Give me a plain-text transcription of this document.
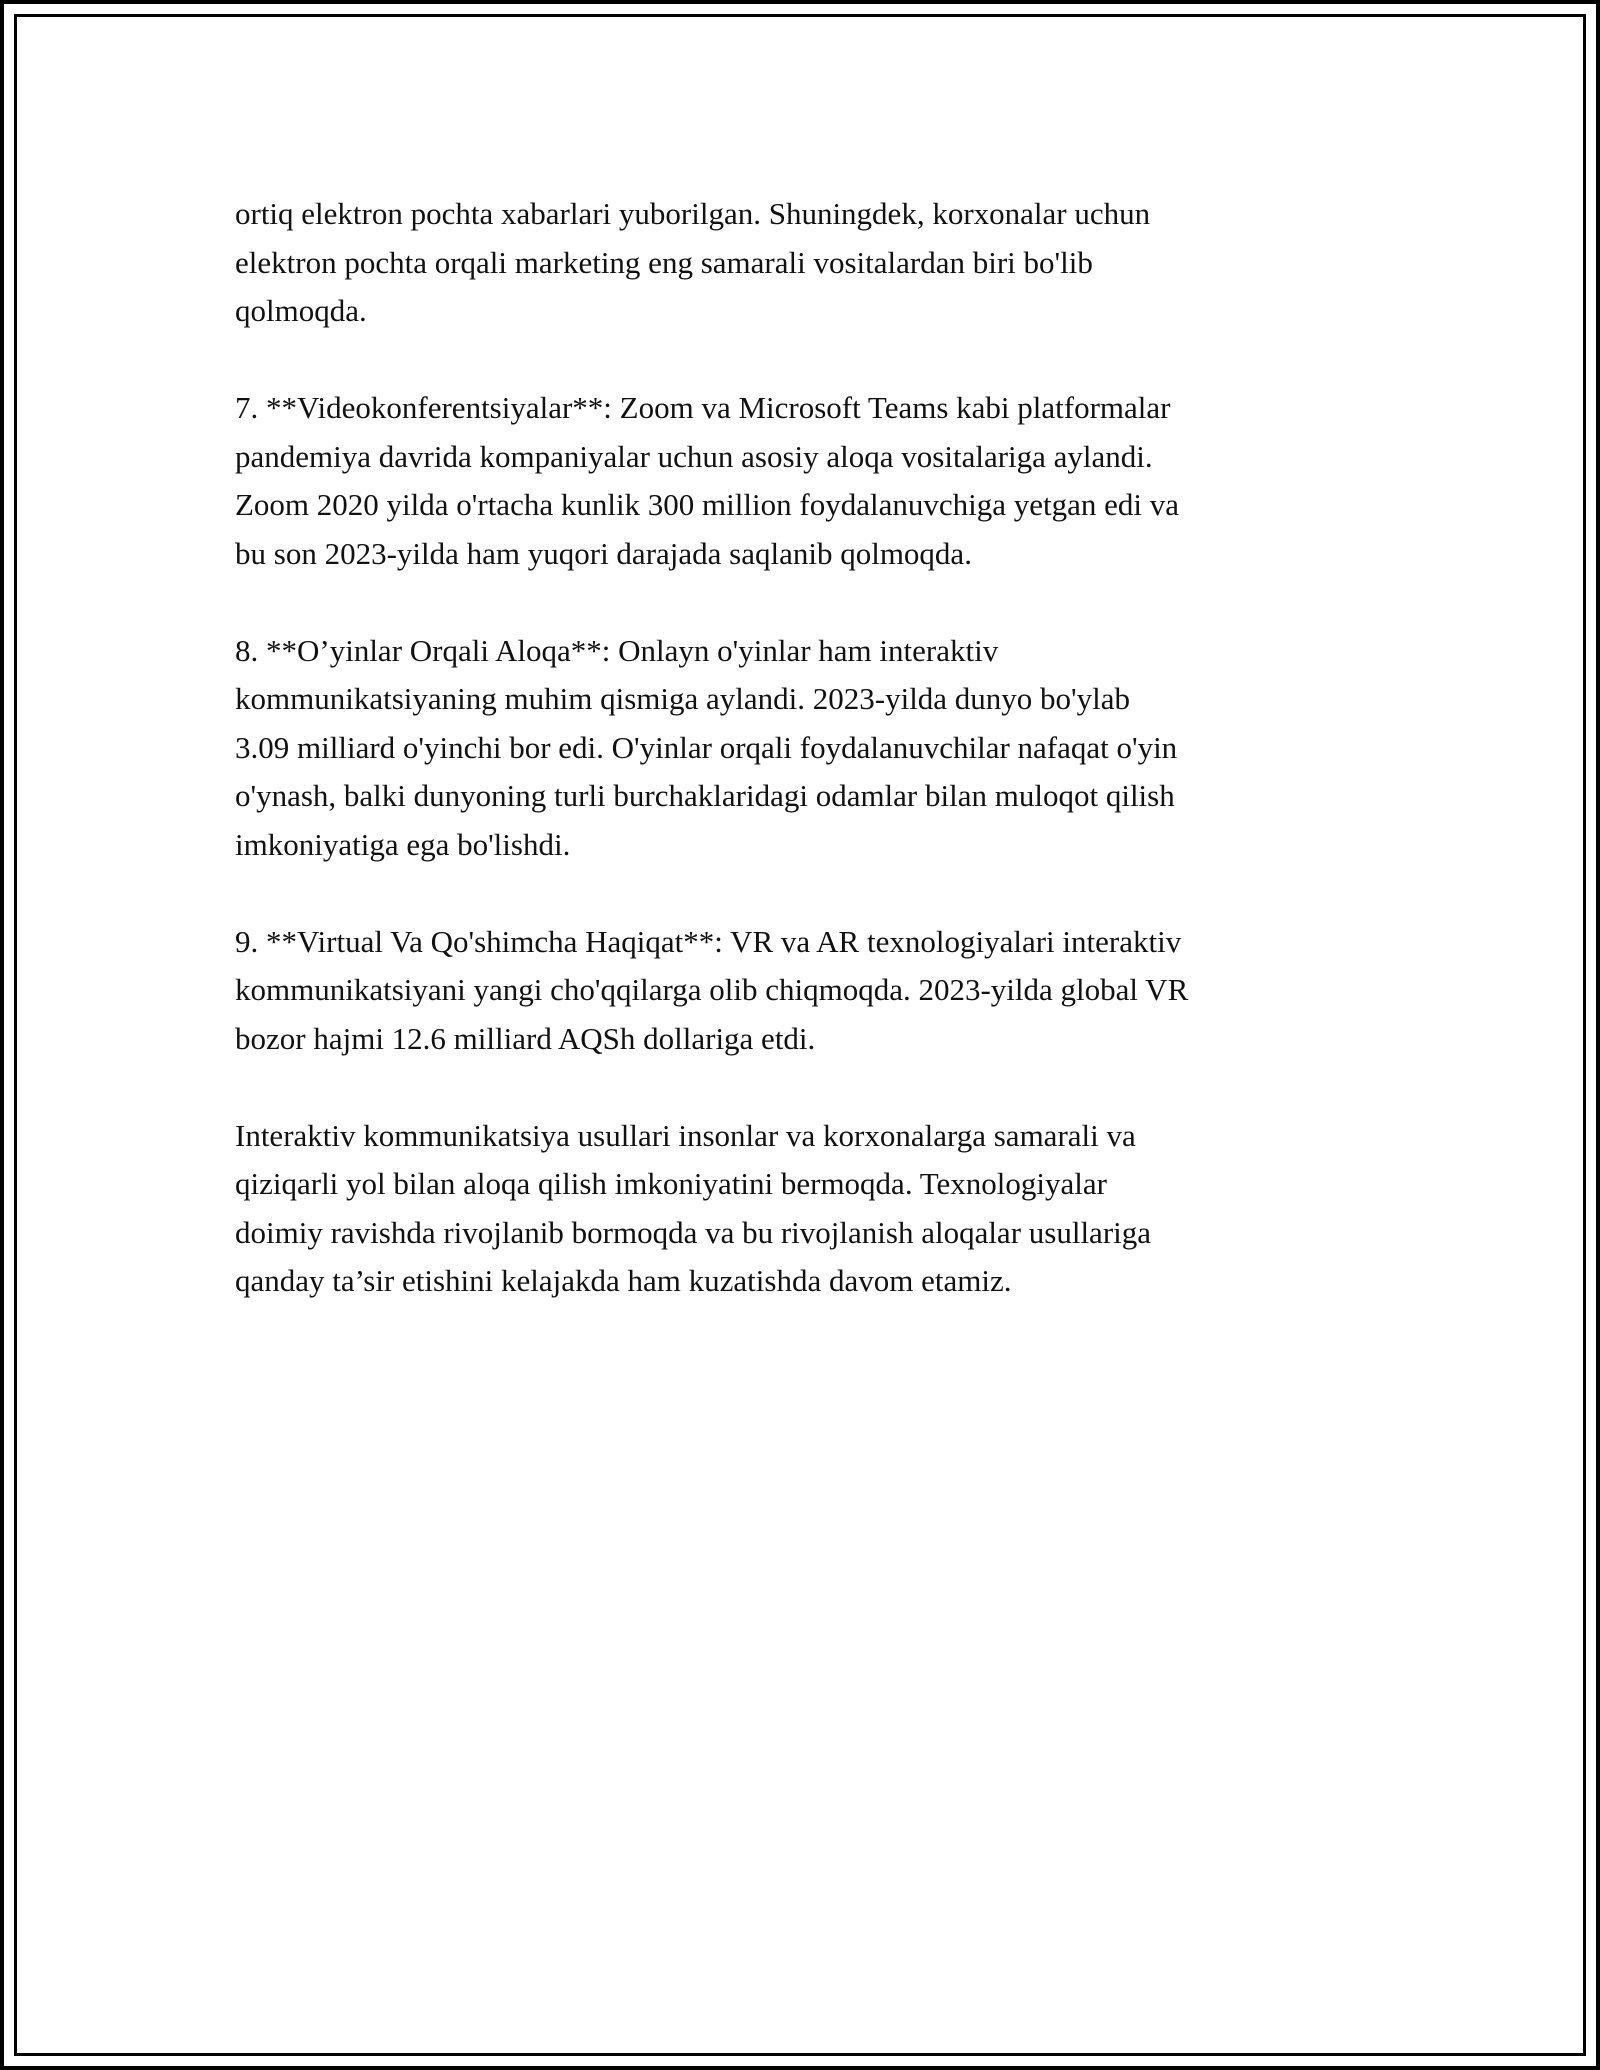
ortiq elektron pochta xabarlari yuborilgan. Shuningdek, korxonalar uchun
elektron pochta orqali marketing eng samarali vositalardan biri bo'lib
qolmoqda.

7. **Videokonferentsiyalar**: Zoom va Microsoft Teams kabi platformalar
pandemiya davrida kompaniyalar uchun asosiy aloqa vositalariga aylandi.
Zoom 2020 yilda o'rtacha kunlik 300 million foydalanuvchiga yetgan edi va
bu son 2023-yilda ham yuqori darajada saqlanib qolmoqda.

8. **O’yinlar Orqali Aloqa**: Onlayn o'yinlar ham interaktiv
kommunikatsiyaning muhim qismiga aylandi. 2023-yilda dunyo bo'ylab
3.09 milliard o'yinchi bor edi. O'yinlar orqali foydalanuvchilar nafaqat o'yin
o'ynash, balki dunyoning turli burchaklaridagi odamlar bilan muloqot qilish
imkoniyatiga ega bo'lishdi.

9. **Virtual Va Qo'shimcha Haqiqat**: VR va AR texnologiyalari interaktiv
kommunikatsiyani yangi cho'qqilarga olib chiqmoqda. 2023-yilda global VR
bozor hajmi 12.6 milliard AQSh dollariga etdi.

Interaktiv kommunikatsiya usullari insonlar va korxonalarga samarali va
qiziqarli yol bilan aloqa qilish imkoniyatini bermoqda. Texnologiyalar
doimiy ravishda rivojlanib bormoqda va bu rivojlanish aloqalar usullariga
qanday ta’sir etishini kelajakda ham kuzatishda davom etamiz.
